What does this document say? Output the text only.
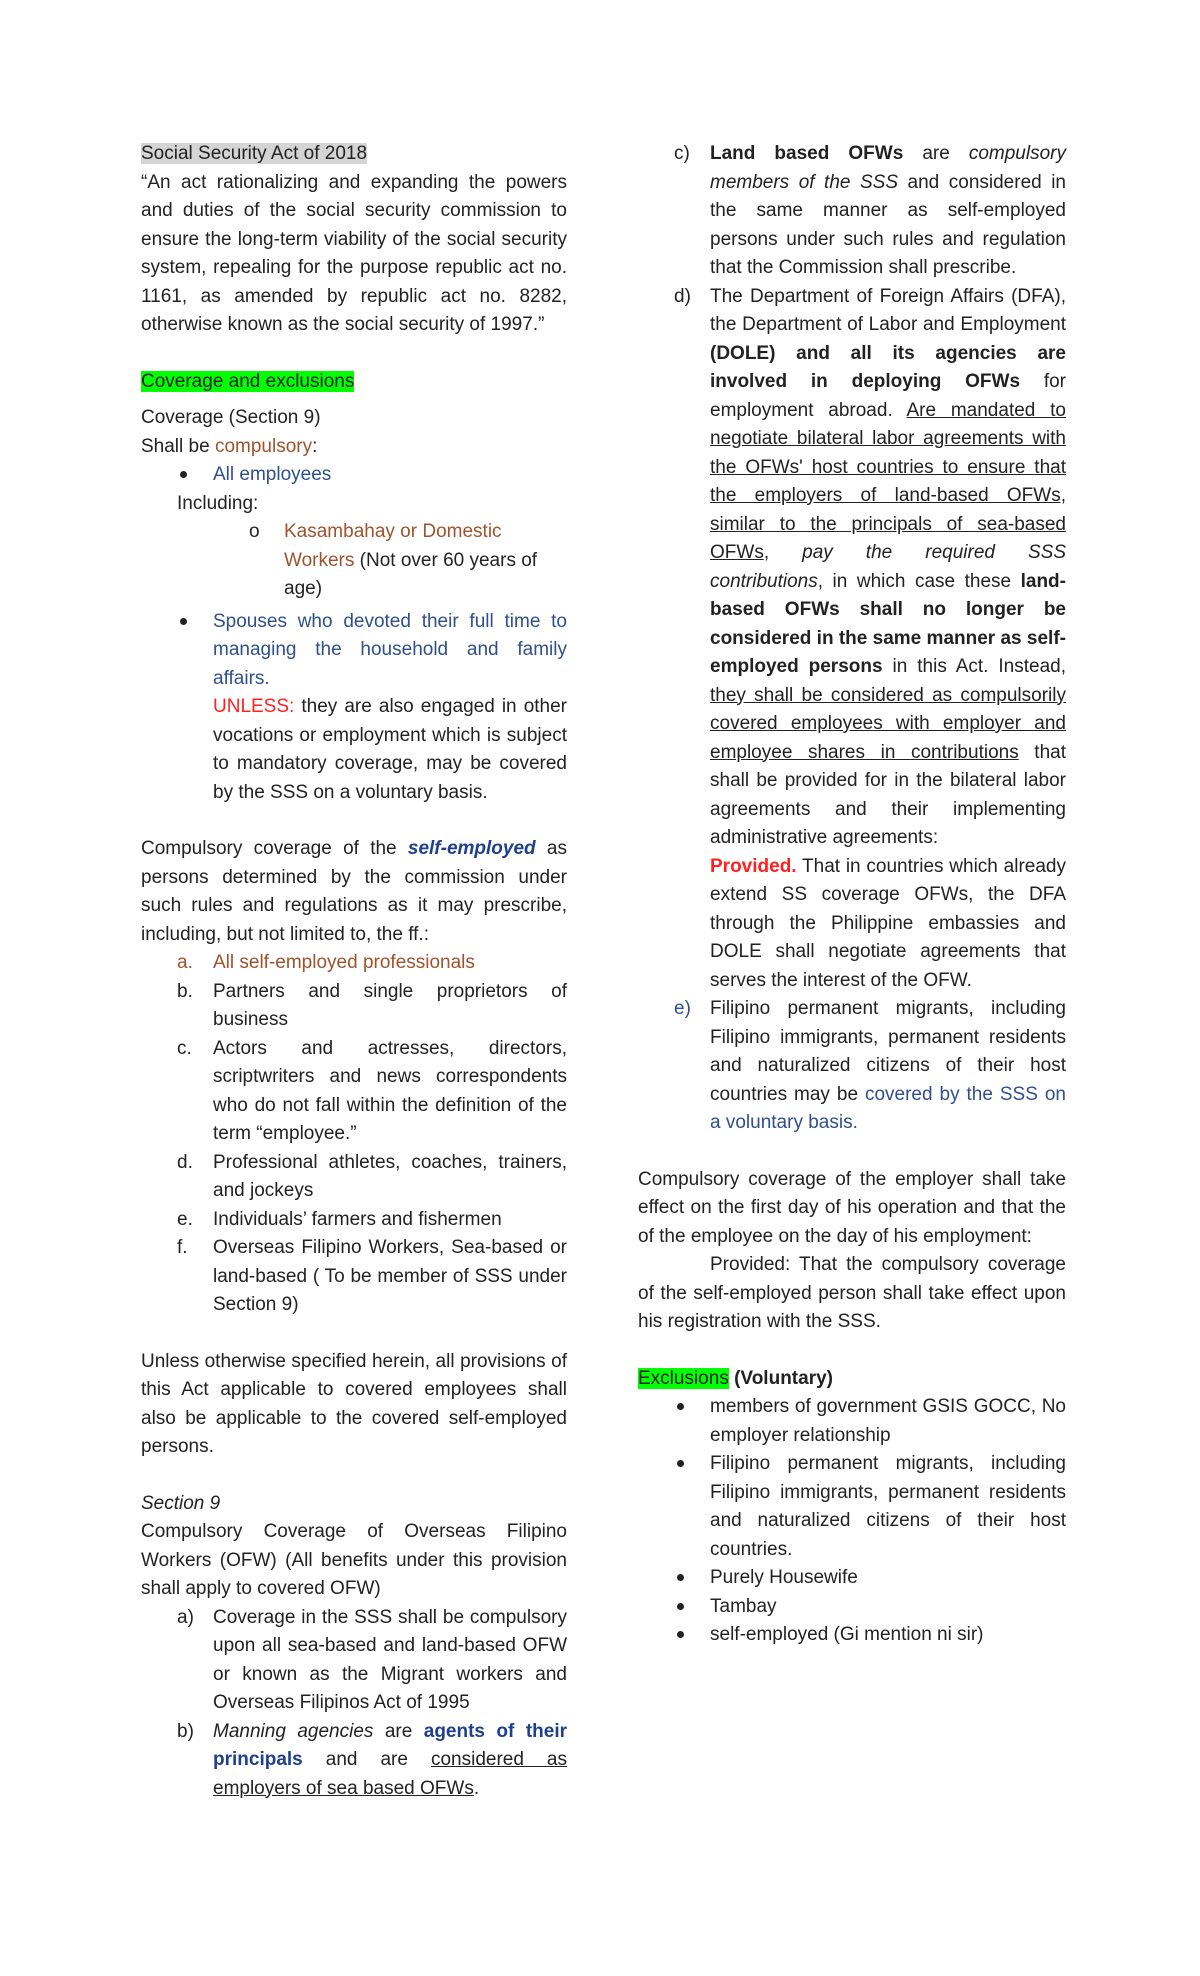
Social Security Act of 2018

“An act rationalizing and expanding the powers and duties of the social security commission to ensure the long-term viability of the social security system, repealing for the purpose republic act no. 1161, as amended by republic act no. 8282, otherwise known as the social security of 1997.”

Coverage and exclusions

Coverage (Section 9)

Shall be compulsory:

All employees

Including:

o Kasambahay or Domestic Workers (Not over 60 years of age)
Spouses who devoted their full time to managing the household and family affairs.

UNLESS: they are also engaged in other vocations or employment which is subject to mandatory coverage, may be covered by the SSS on a voluntary basis.

Compulsory coverage of the self-employed as persons determined by the commission under such rules and regulations as it may prescribe, including, but not limited to, the ff.:

a. All self-employed professionals
b. Partners and single proprietors of business
c. Actors and actresses, directors, scriptwriters and news correspondents who do not fall within the definition of the term “employee.”
d. Professional athletes, coaches, trainers, and jockeys
e. Individuals’ farmers and fishermen
f. Overseas Filipino Workers, Sea-based or land-based ( To be member of SSS under Section 9)

Unless otherwise specified herein, all provisions of this Act applicable to covered employees shall also be applicable to the covered self-employed persons.

Section 9

Compulsory Coverage of Overseas Filipino Workers (OFW) (All benefits under this provision shall apply to covered OFW)

a) Coverage in the SSS shall be compulsory upon all sea-based and land-based OFW or known as the Migrant workers and Overseas Filipinos Act of 1995
b) Manning agencies are agents of their principals and are considered as employers of sea based OFWs.
c) Land based OFWs are compulsory members of the SSS and considered in the same manner as self-employed persons under such rules and regulation that the Commission shall prescribe.
d) The Department of Foreign Affairs (DFA), the Department of Labor and Employment (DOLE) and all its agencies are involved in deploying OFWs for employment abroad. Are mandated to negotiate bilateral labor agreements with the OFWs' host countries to ensure that the employers of land-based OFWs, similar to the principals of sea-based OFWs, pay the required SSS contributions, in which case these land-based OFWs shall no longer be considered in the same manner as self-employed persons in this Act. Instead, they shall be considered as compulsorily covered employees with employer and employee shares in contributions that shall be provided for in the bilateral labor agreements and their implementing administrative agreements:

Provided. That in countries which already extend SS coverage OFWs, the DFA through the Philippine embassies and DOLE shall negotiate agreements that serves the interest of the OFW.

e) Filipino permanent migrants, including Filipino immigrants, permanent residents and naturalized citizens of their host countries may be covered by the SSS on a voluntary basis.

Compulsory coverage of the employer shall take effect on the first day of his operation and that the of the employee on the day of his employment:

Provided: That the compulsory coverage of the self-employed person shall take effect upon his registration with the SSS.

Exclusions (Voluntary)

members of government GSIS GOCC, No employer relationship
Filipino permanent migrants, including Filipino immigrants, permanent residents and naturalized citizens of their host countries.
Purely Housewife
Tambay
self-employed (Gi mention ni sir)
